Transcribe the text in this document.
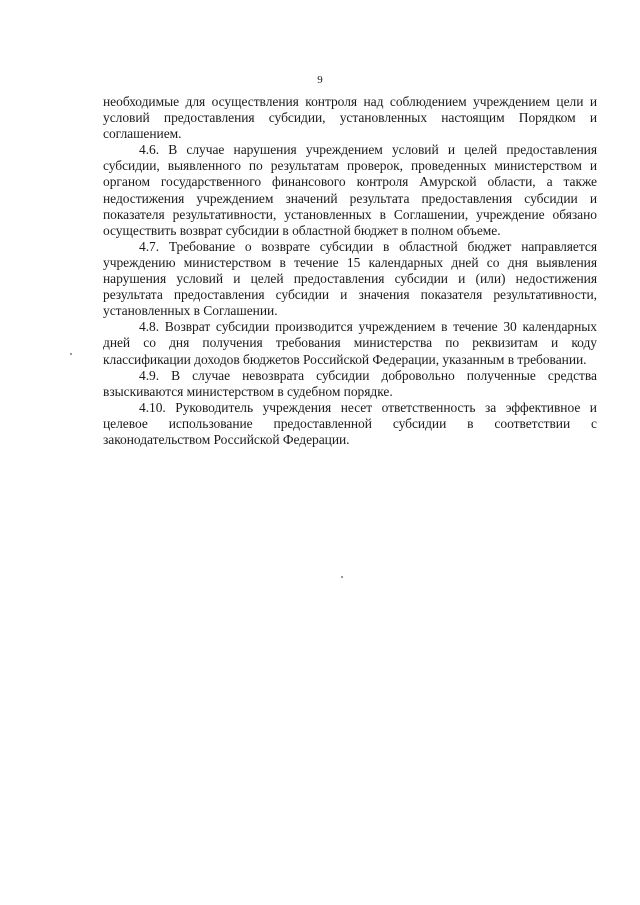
9

необходимые для осуществления контроля над соблюдением учреждением цели и условий предоставления субсидии, установленных настоящим Порядком и соглашением.

4.6. В случае нарушения учреждением условий и целей предоставления субсидии, выявленного по результатам проверок, проведенных министерством и органом государственного финансового контроля Амурской области, а также недостижения учреждением значений результата предоставления субсидии и показателя результативности, установленных в Соглашении, учреждение обязано осуществить возврат субсидии в областной бюджет в полном объеме.

4.7. Требование о возврате субсидии в областной бюджет направляется учреждению министерством в течение 15 календарных дней со дня выявления нарушения условий и целей предоставления субсидии и (или) недостижения результата предоставления субсидии и значения показателя результативности, установленных в Соглашении.

4.8. Возврат субсидии производится учреждением в течение 30 календарных дней со дня получения требования министерства по реквизитам и коду классификации доходов бюджетов Российской Федерации, указанным в требовании.

4.9. В случае невозврата субсидии добровольно полученные средства взыскиваются министерством в судебном порядке.

4.10. Руководитель учреждения несет ответственность за эффективное и целевое использование предоставленной субсидии в соответствии с законодательством Российской Федерации.
